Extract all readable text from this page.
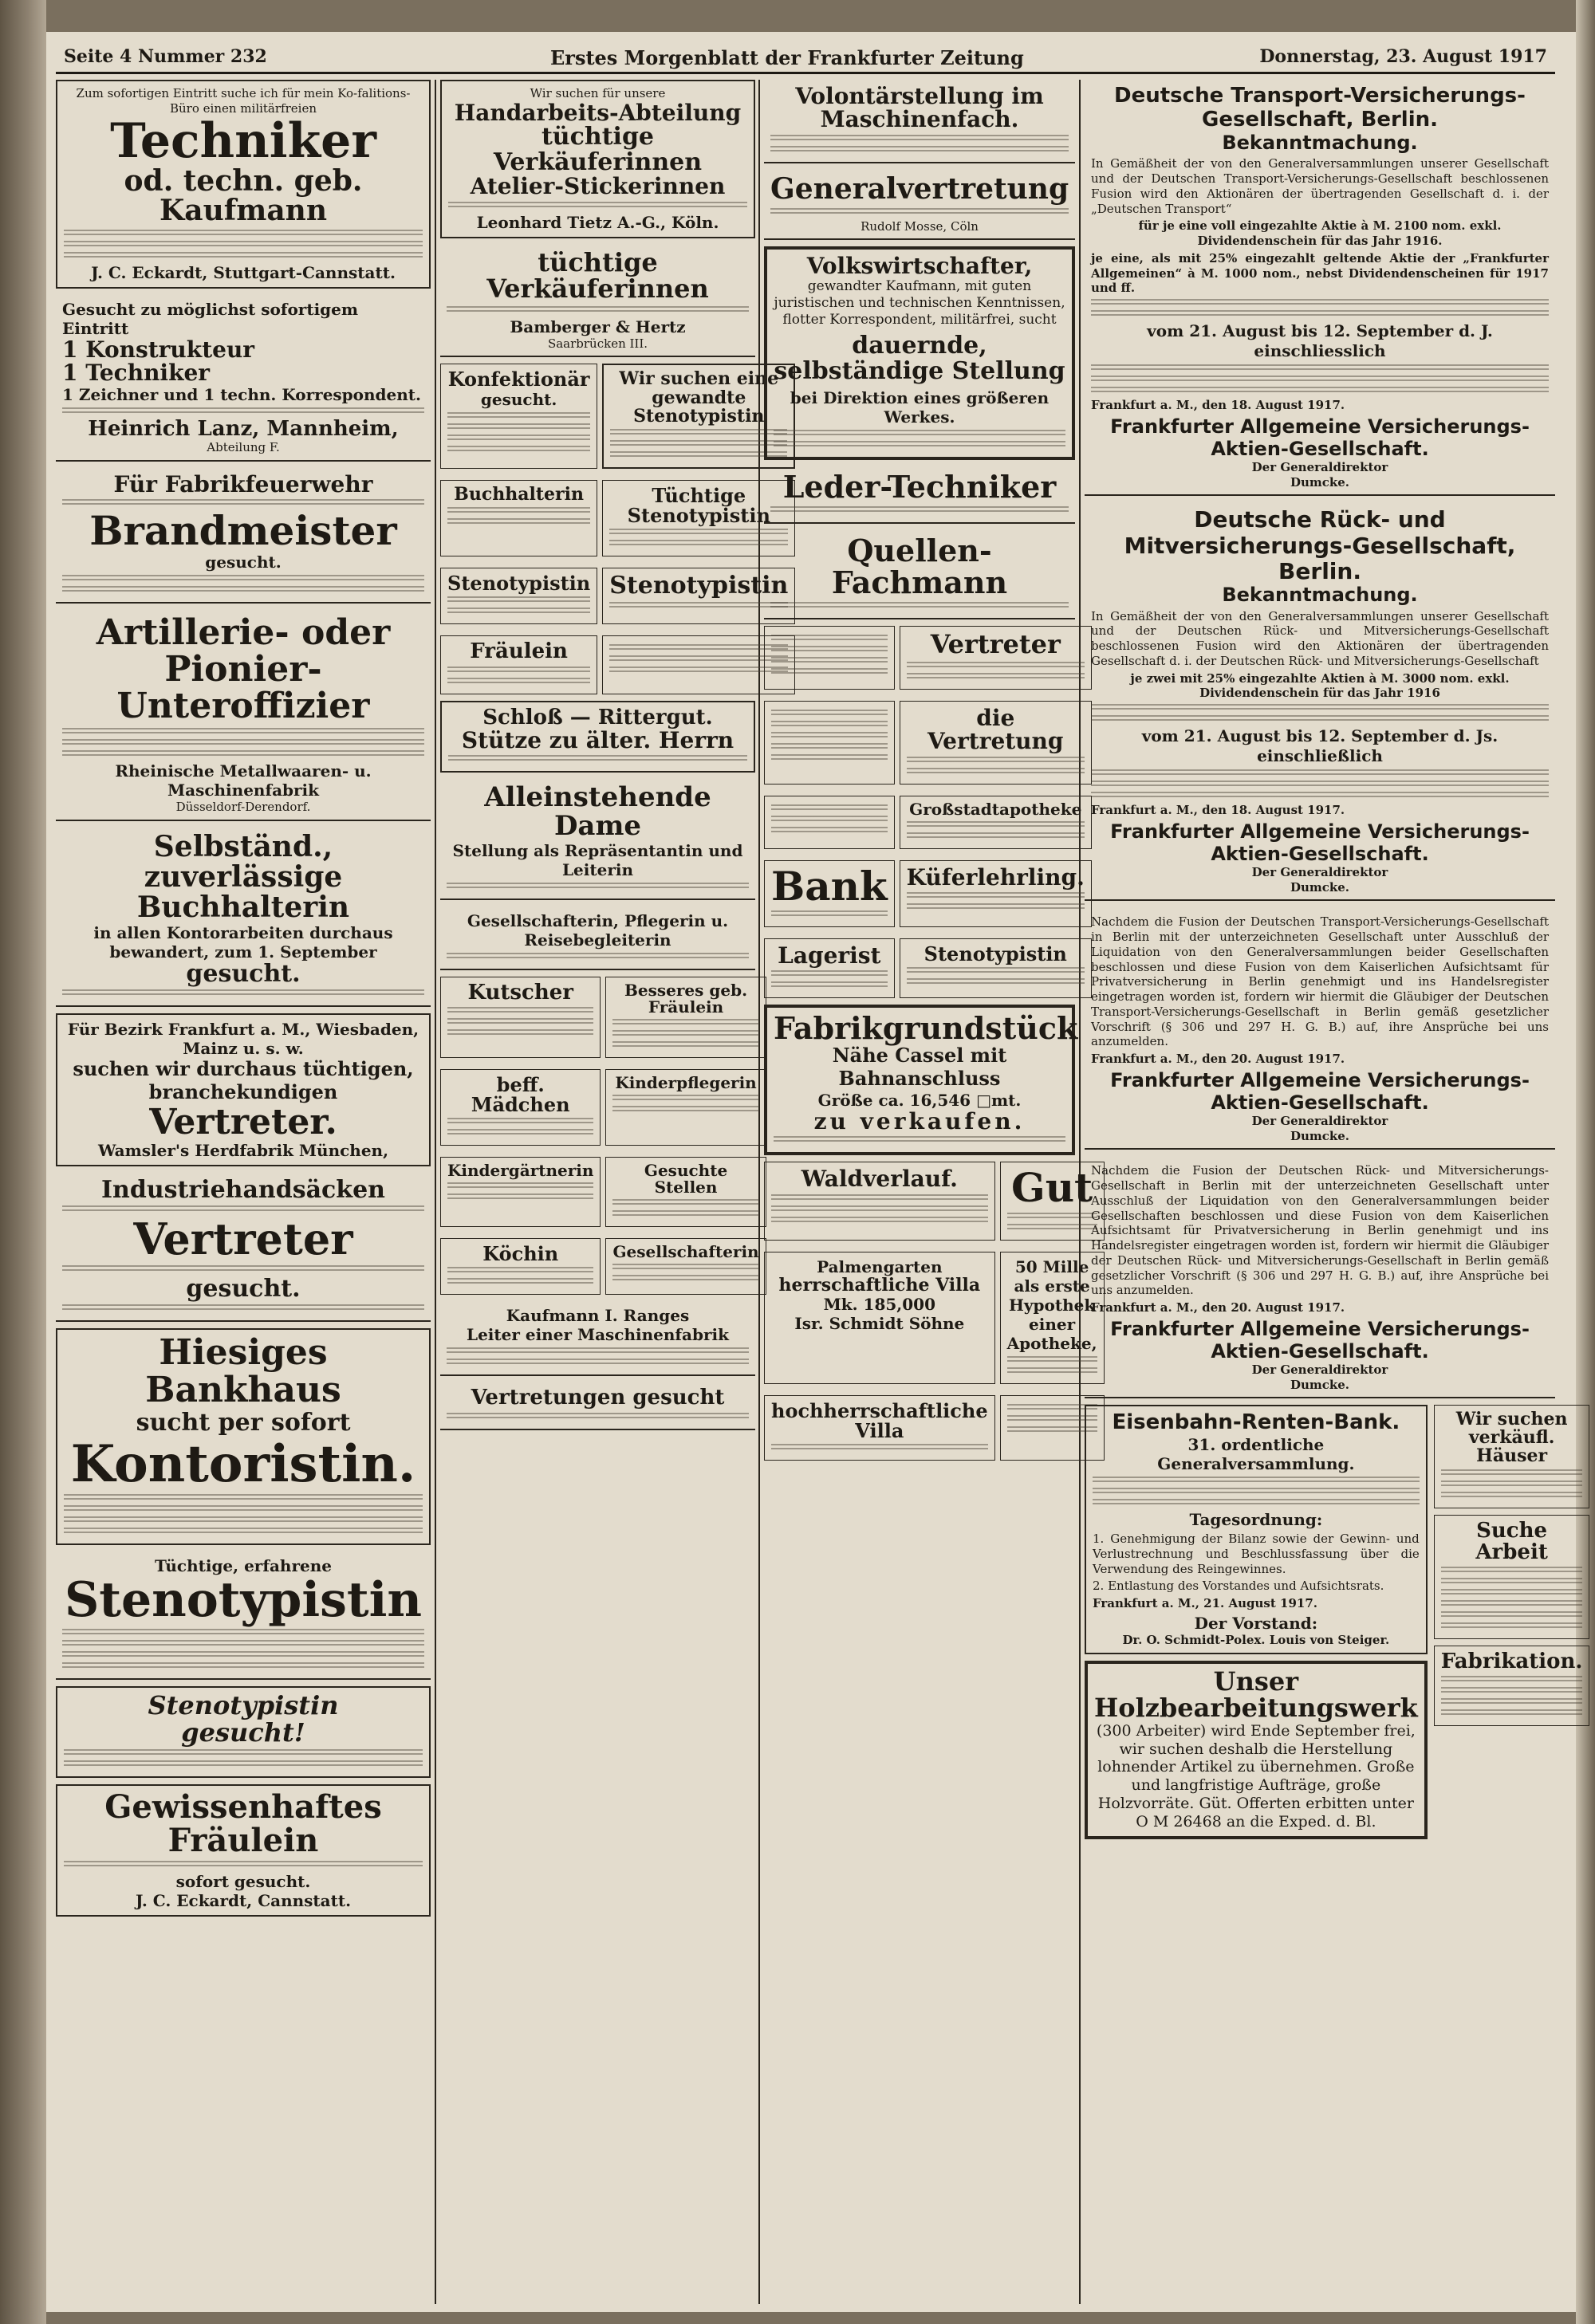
Seite 4 Nummer 232	Erstes Morgenblatt der Frankfurter Zeitung	Donnerstag, 23. August 1917
Zum sofortigen Eintritt suche ich für mein Ko-falitions-Büro einen militärfreien
Techniker
od. techn. geb. Kaufmann
J. C. Eckardt, Stuttgart-Cannstatt.
Gesucht zu möglichst sofortigem Eintritt
1 Konstrukteur
1 Techniker
1 Zeichner und 1 techn. Korrespondent.
Heinrich Lanz, Mannheim,
Abteilung F.
Für Fabrikfeuerwehr
Brandmeister
gesucht.
Artillerie- oder Pionier-Unteroffizier
Rheinische Metallwaaren- u. Maschinenfabrik
Düsseldorf-Derendorf.
Selbständ., zuverlässige Buchhalterin
in allen Kontorarbeiten durchaus bewandert, zum 1. September
gesucht.
Für Bezirk Frankfurt a. M., Wiesbaden, Mainz u. s. w.
suchen wir durchaus tüchtigen, branchekundigen
Vertreter.
Wamsler's Herdfabrik München,
Industriehandsäcken
Vertreter
gesucht.
Hiesiges Bankhaus
sucht per sofort
Kontoristin.
Tüchtige, erfahrene
Stenotypistin
Stenotypistin
gesucht!
Gewissenhaftes Fräulein
sofort gesucht.
J. C. Eckardt, Cannstatt.
Wir suchen für unsere
Handarbeits-Abteilung
tüchtige Verkäuferinnen
Atelier-Stickerinnen
Leonhard Tietz A.-G., Köln.
tüchtige Verkäuferinnen
Bamberger & Hertz
Saarbrücken III.
Konfektionär
gesucht.
Wir suchen eine gewandte Stenotypistin
Buchhalterin	Tüchtige Stenotypistin
Stenotypistin Stenotypistin
Fräulein
Schloß — Rittergut.
Stütze zu älter. Herrn
Alleinstehende Dame
Stellung als Repräsentantin und Leiterin
Gesellschafterin, Pflegerin u. Reisebegleiterin
Kutscher	Besseres geb. Fräulein
beff. Mädchen
Kinderpflegerin
Kindergärtnerin	Gesuchte Stellen
Köchin	Gesellschafterin
Kaufmann I. Ranges
Leiter einer Maschinenfabrik
Vertretungen gesucht
Volontärstellung im Maschinenfach.
Generalvertretung
Rudolf Mosse, Cöln
Volkswirtschafter,
gewandter Kaufmann, mit guten juristischen und technischen Kenntnissen, flotter Korrespondent, militärfrei, sucht
dauernde, selbständige Stellung
bei Direktion eines größeren Werkes.
Leder-Techniker
Quellen-Fachmann
Vertreter
die Vertretung
Großstadtapotheke
Bank Küferlehrling.
Lagerist	Stenotypistin
Fabrikgrundstück
Nähe Cassel mit Bahnanschluss
Größe ca. 16,546 □mt.
zu verkaufen.
Waldverlauf.	Gut
Palmengarten
herrschaftliche Villa
Mk. 185,000
Isr. Schmidt Söhne
50 Mille als erste Hypothek einer Apotheke,
hochherrschaftliche Villa
Deutsche Transport-Versicherungs-Gesellschaft, Berlin.
Bekanntmachung.

In Gemäßheit der von den Generalversammlungen unserer Gesellschaft und der Deutschen Transport-Versicherungs-Gesellschaft beschlossenen Fusion wird den Aktionären der übertragenden Gesellschaft d. i. der „Deutschen Transport“

für je eine voll eingezahlte Aktie à M. 2100 nom. exkl. Dividendenschein für das Jahr 1916.

je eine, als mit 25% eingezahlt geltende Aktie der „Frankfurter Allgemeinen“ à M. 1000 nom., nebst Dividendenscheinen für 1917 und ff.

vom 21. August bis 12. September d. J. einschliesslich

Frankfurt a. M., den 18. August 1917.

Frankfurter Allgemeine Versicherungs-Aktien-Gesellschaft.
Der Generaldirektor
Dumcke.
Deutsche Rück- und Mitversicherungs-Gesellschaft, Berlin.
Bekanntmachung.

In Gemäßheit der von den Generalversammlungen unserer Gesellschaft und der Deutschen Rück- und Mitversicherungs-Gesellschaft beschlossenen Fusion wird den Aktionären der übertragenden Gesellschaft d. i. der Deutschen Rück- und Mitversicherungs-Gesellschaft

je zwei mit 25% eingezahlte Aktien à M. 3000 nom. exkl. Dividendenschein für das Jahr 1916

vom 21. August bis 12. September d. Js. einschließlich

Frankfurt a. M., den 18. August 1917.

Frankfurter Allgemeine Versicherungs-Aktien-Gesellschaft.
Der Generaldirektor
Dumcke.

Nachdem die Fusion der Deutschen Transport-Versicherungs-Gesellschaft in Berlin mit der unterzeichneten Gesellschaft unter Ausschluß der Liquidation von den Generalversammlungen beider Gesellschaften beschlossen und diese Fusion von dem Kaiserlichen Aufsichtsamt für Privatversicherung in Berlin genehmigt und ins Handelsregister eingetragen worden ist, fordern wir hiermit die Gläubiger der Deutschen Transport-Versicherungs-Gesellschaft in Berlin gemäß gesetzlicher Vorschrift (§ 306 und 297 H. G. B.) auf, ihre Ansprüche bei uns anzumelden.

Frankfurt a. M., den 20. August 1917.

Frankfurter Allgemeine Versicherungs-Aktien-Gesellschaft.
Der Generaldirektor
Dumcke.

Nachdem die Fusion der Deutschen Rück- und Mitversicherungs-Gesellschaft in Berlin mit der unterzeichneten Gesellschaft unter Ausschluß der Liquidation von den Generalversammlungen beider Gesellschaften beschlossen und diese Fusion von dem Kaiserlichen Aufsichtsamt für Privatversicherung in Berlin genehmigt und ins Handelsregister eingetragen worden ist, fordern wir hiermit die Gläubiger der Deutschen Rück- und Mitversicherungs-Gesellschaft in Berlin gemäß gesetzlicher Vorschrift (§ 306 und 297 H. G. B.) auf, ihre Ansprüche bei uns anzumelden.

Frankfurt a. M., den 20. August 1917.

Frankfurter Allgemeine Versicherungs-Aktien-Gesellschaft.
Der Generaldirektor
Dumcke.
Eisenbahn-Renten-Bank.
31. ordentliche Generalversammlung.
Tagesordnung:

1. Genehmigung der Bilanz sowie der Gewinn- und Verlustrechnung und Beschlussfassung über die Verwendung des Reingewinnes.

2. Entlastung des Vorstandes und Aufsichtsrats.

Frankfurt a. M., 21. August 1917.

Der Vorstand:
Dr. O. Schmidt-Polex. Louis von Steiger.
Unser Holzbearbeitungswerk
(300 Arbeiter) wird Ende September frei, wir suchen deshalb die Herstellung lohnender Artikel zu übernehmen. Große und langfristige Aufträge, große Holzvorräte. Güt. Offerten erbitten unter O M 26468 an die Exped. d. Bl.
Wir suchen verkäufl. Häuser
Suche Arbeit
Fabrikation.
